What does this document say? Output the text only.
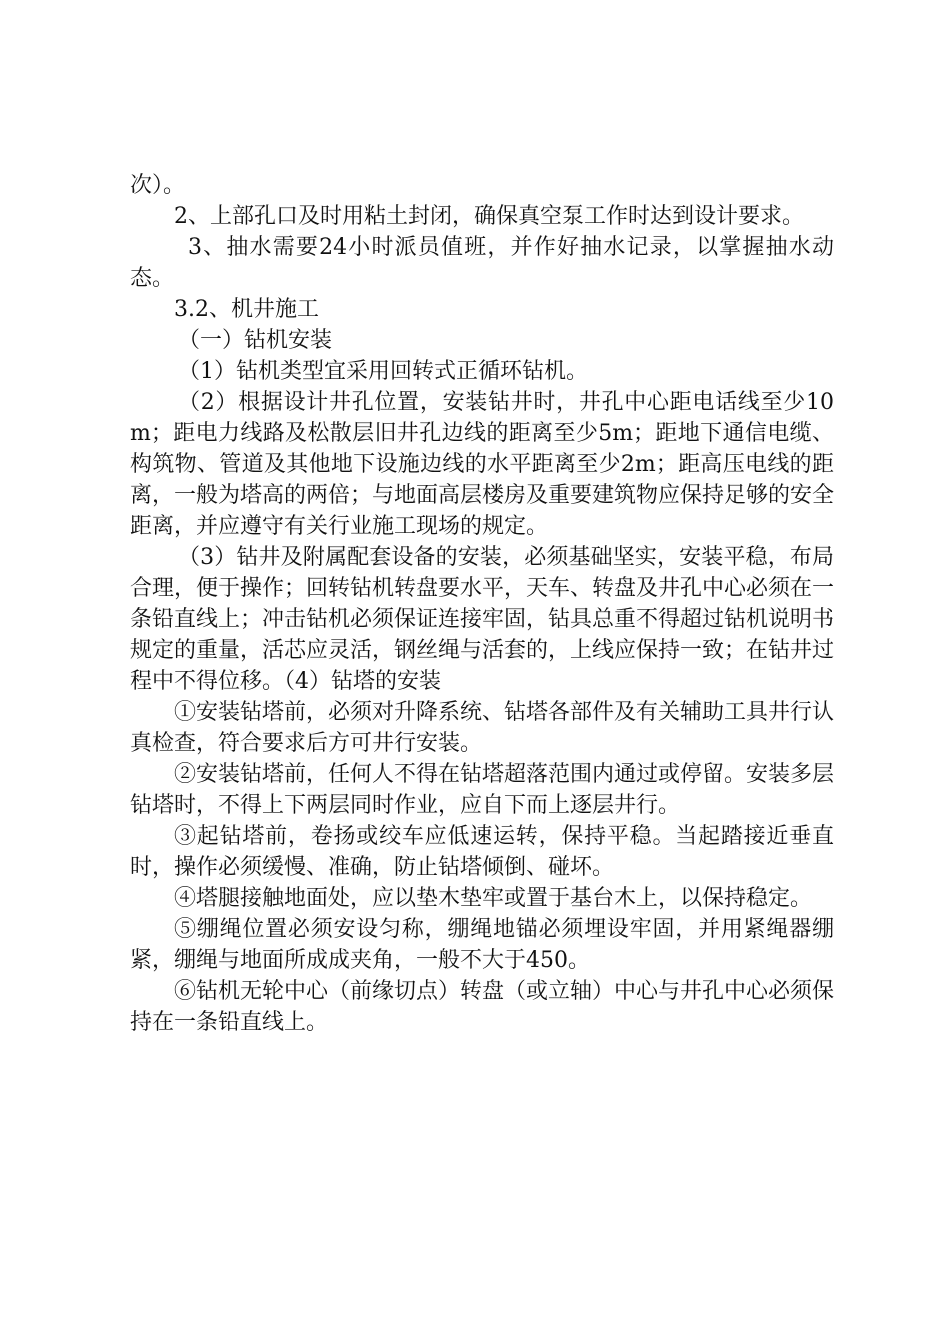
次）。

2、上部孔口及时用粘土封闭，确保真空泵工作时达到设计要求。

3、抽水需要24小时派员值班，并作好抽水记录，以掌握抽水动态。

3.2、机井施工

（一）钻机安装

（1）钻机类型宜采用回转式正循环钻机。

（2）根据设计井孔位置，安装钻井时，井孔中心距电话线至少10m；距电力线路及松散层旧井孔边线的距离至少5m；距地下通信电缆、构筑物、管道及其他地下设施边线的水平距离至少2m；距高压电线的距离，一般为塔高的两倍；与地面高层楼房及重要建筑物应保持足够的安全距离，并应遵守有关行业施工现场的规定。

（3）钻井及附属配套设备的安装，必须基础坚实，安装平稳，布局合理，便于操作；回转钻机转盘要水平，天车、转盘及井孔中心必须在一条铅直线上；冲击钻机必须保证连接牢固，钻具总重不得超过钻机说明书规定的重量，活芯应灵活，钢丝绳与活套的，上线应保持一致；在钻井过程中不得位移。（4）钻塔的安装

①安装钻塔前，必须对升降系统、钻塔各部件及有关辅助工具井行认真检查，符合要求后方可井行安装。

②安装钻塔前，任何人不得在钻塔超落范围内通过或停留。安装多层钻塔时，不得上下两层同时作业，应自下而上逐层井行。

③起钻塔前，卷扬或绞车应低速运转，保持平稳。当起踏接近垂直时，操作必须缓慢、准确，防止钻塔倾倒、碰坏。

④塔腿接触地面处，应以垫木垫牢或置于基台木上，以保持稳定。

⑤绷绳位置必须安设匀称，绷绳地锚必须埋设牢固，并用紧绳器绷紧，绷绳与地面所成成夹角，一般不大于450。

⑥钻机无轮中心（前缘切点）转盘（或立轴）中心与井孔中心必须保持在一条铅直线上。
